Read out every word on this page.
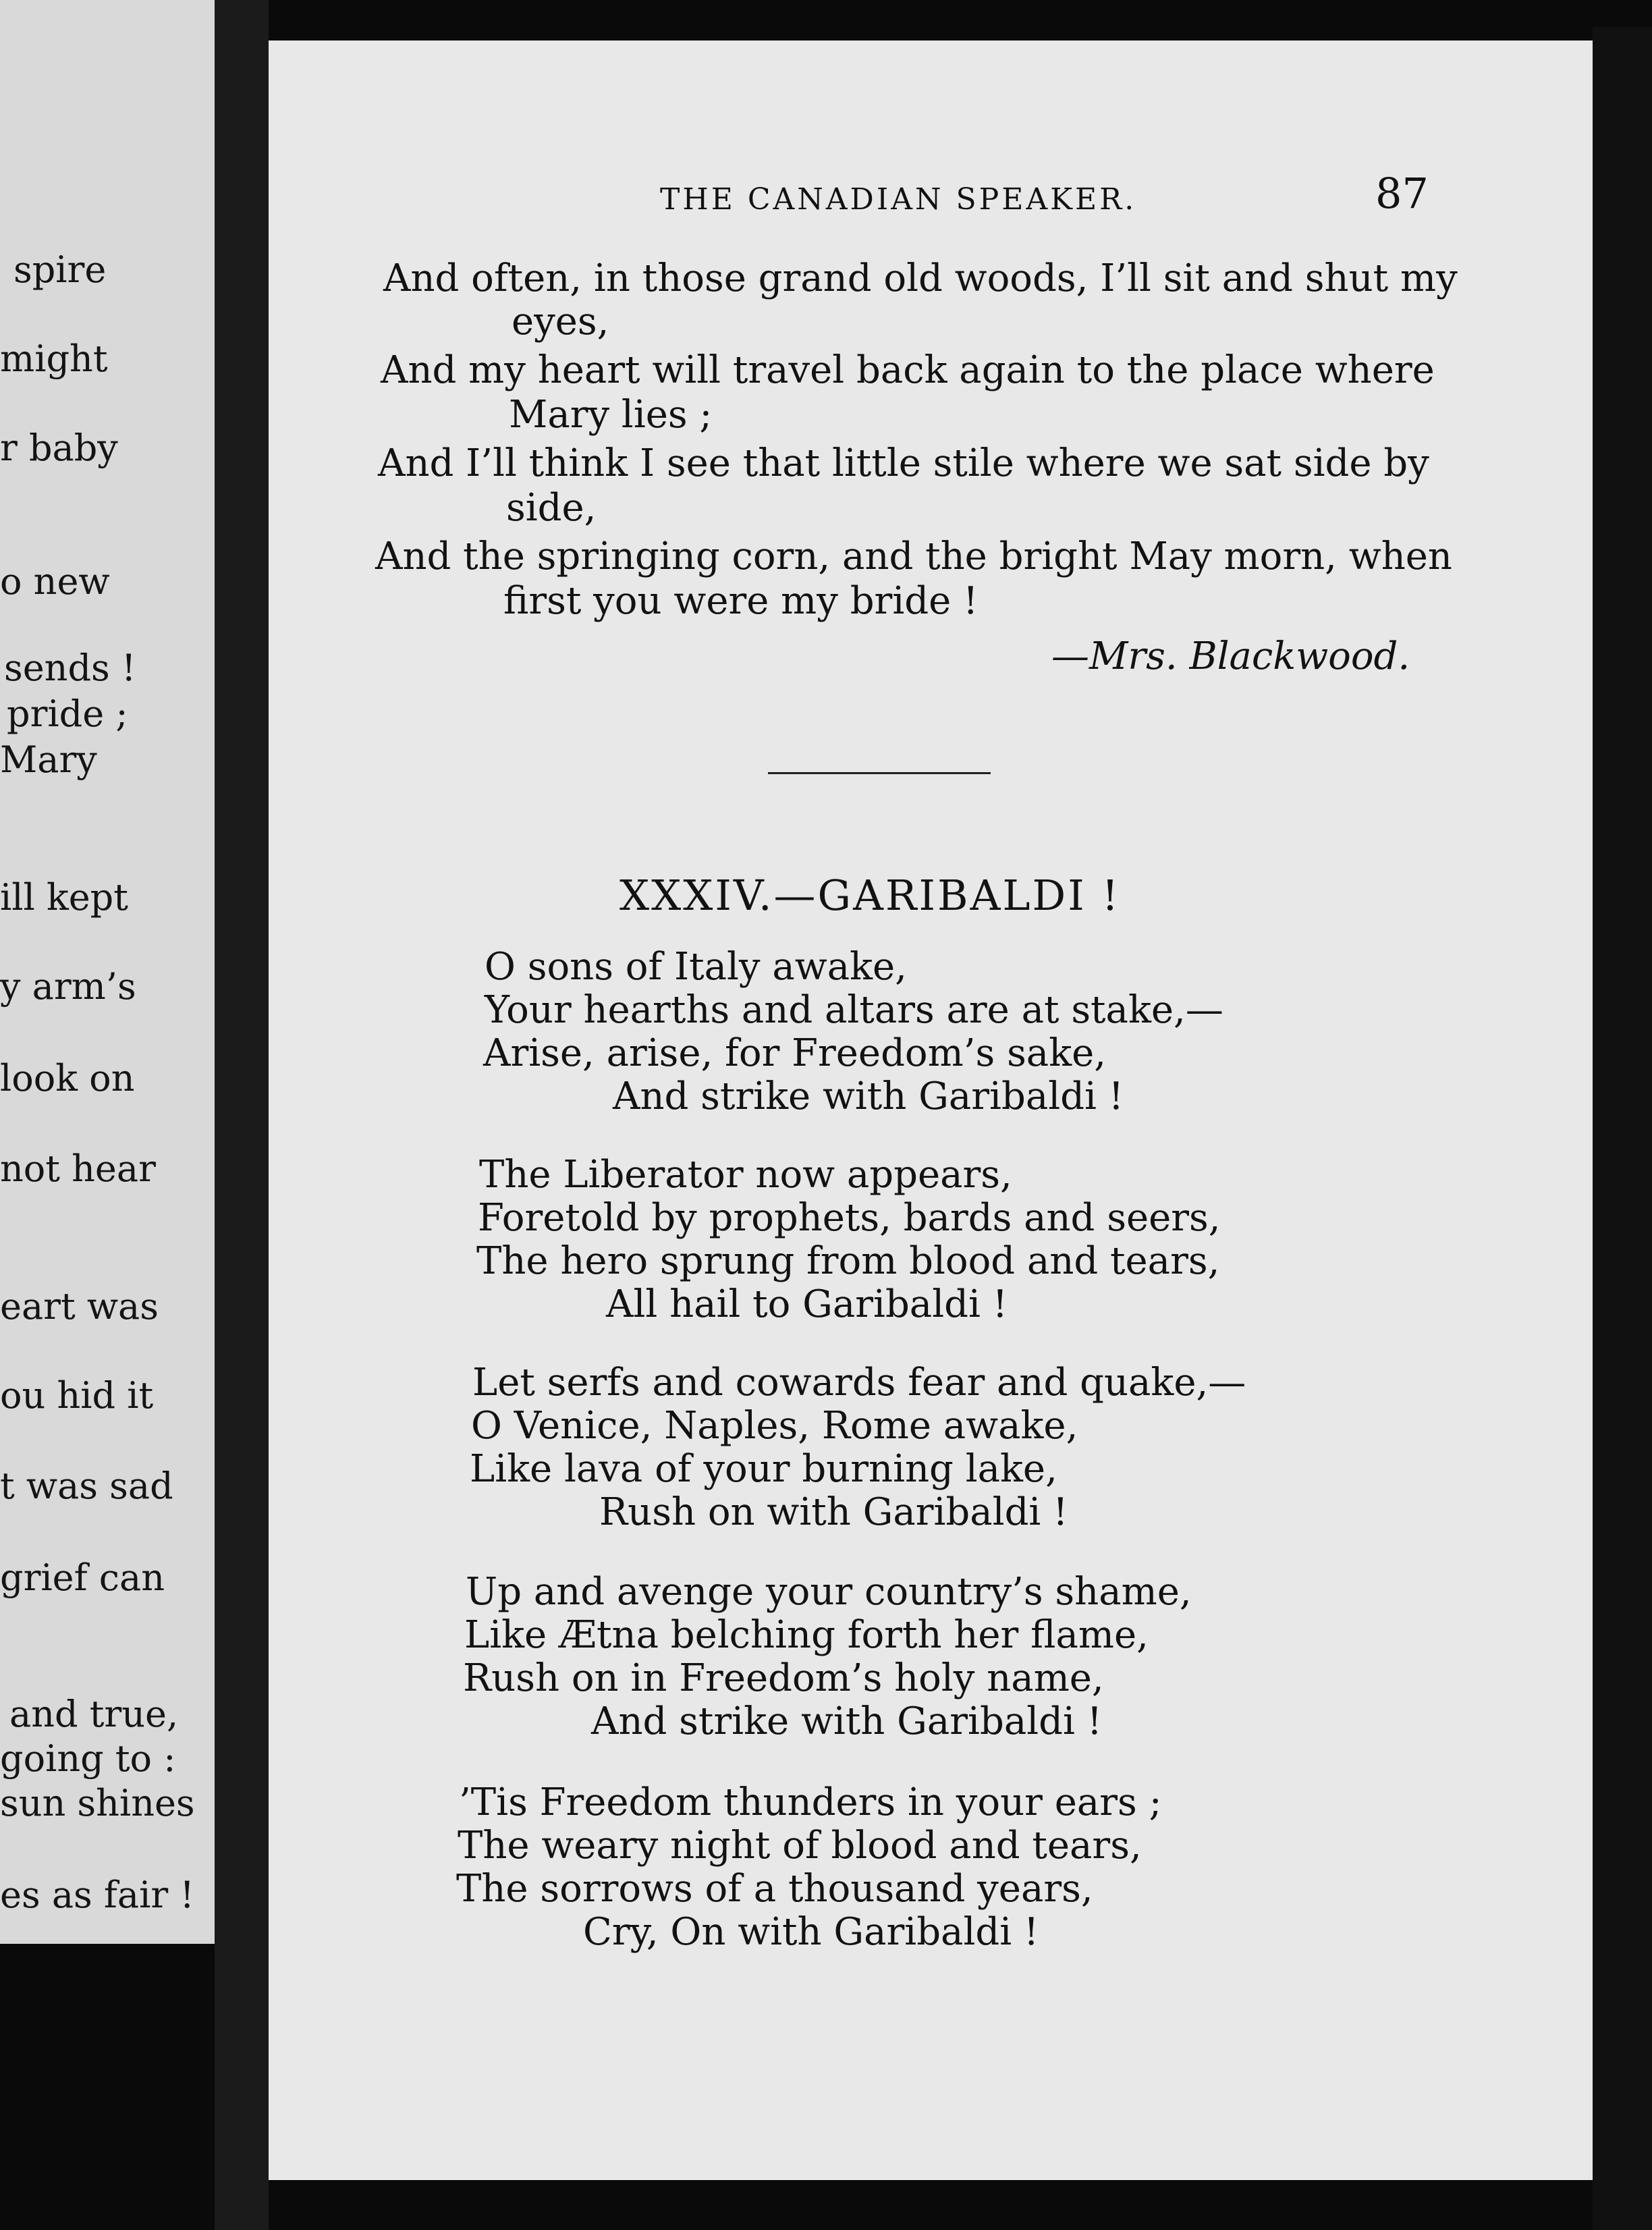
spire
might
r baby
o new
sends !
pride ;
Mary
ill kept
y arm’s
look on
not hear
eart was
ou hid it
t was sad
grief can
and true,
going to :
sun shines
es as fair !
THE CANADIAN SPEAKER.	87
And often, in those grand old woods, I’ll sit and shut my
eyes,
And my heart will travel back again to the place where
Mary lies ;
And I’ll think I see that little stile where we sat side by
side,
And the springing corn, and the bright May morn, when
first you were my bride !
—Mrs. Blackwood.
XXXIV.—GARIBALDI !
O sons of Italy awake,
Your hearths and altars are at stake,—
Arise, arise, for Freedom’s sake,
And strike with Garibaldi !
The Liberator now appears,
Foretold by prophets, bards and seers,
The hero sprung from blood and tears,
All hail to Garibaldi !
Let serfs and cowards fear and quake,—
O Venice, Naples, Rome awake,
Like lava of your burning lake,
Rush on with Garibaldi !
Up and avenge your country’s shame,
Like Ætna belching forth her flame,
Rush on in Freedom’s holy name,
And strike with Garibaldi !
’Tis Freedom thunders in your ears ;
The weary night of blood and tears,
The sorrows of a thousand years,
Cry, On with Garibaldi !
